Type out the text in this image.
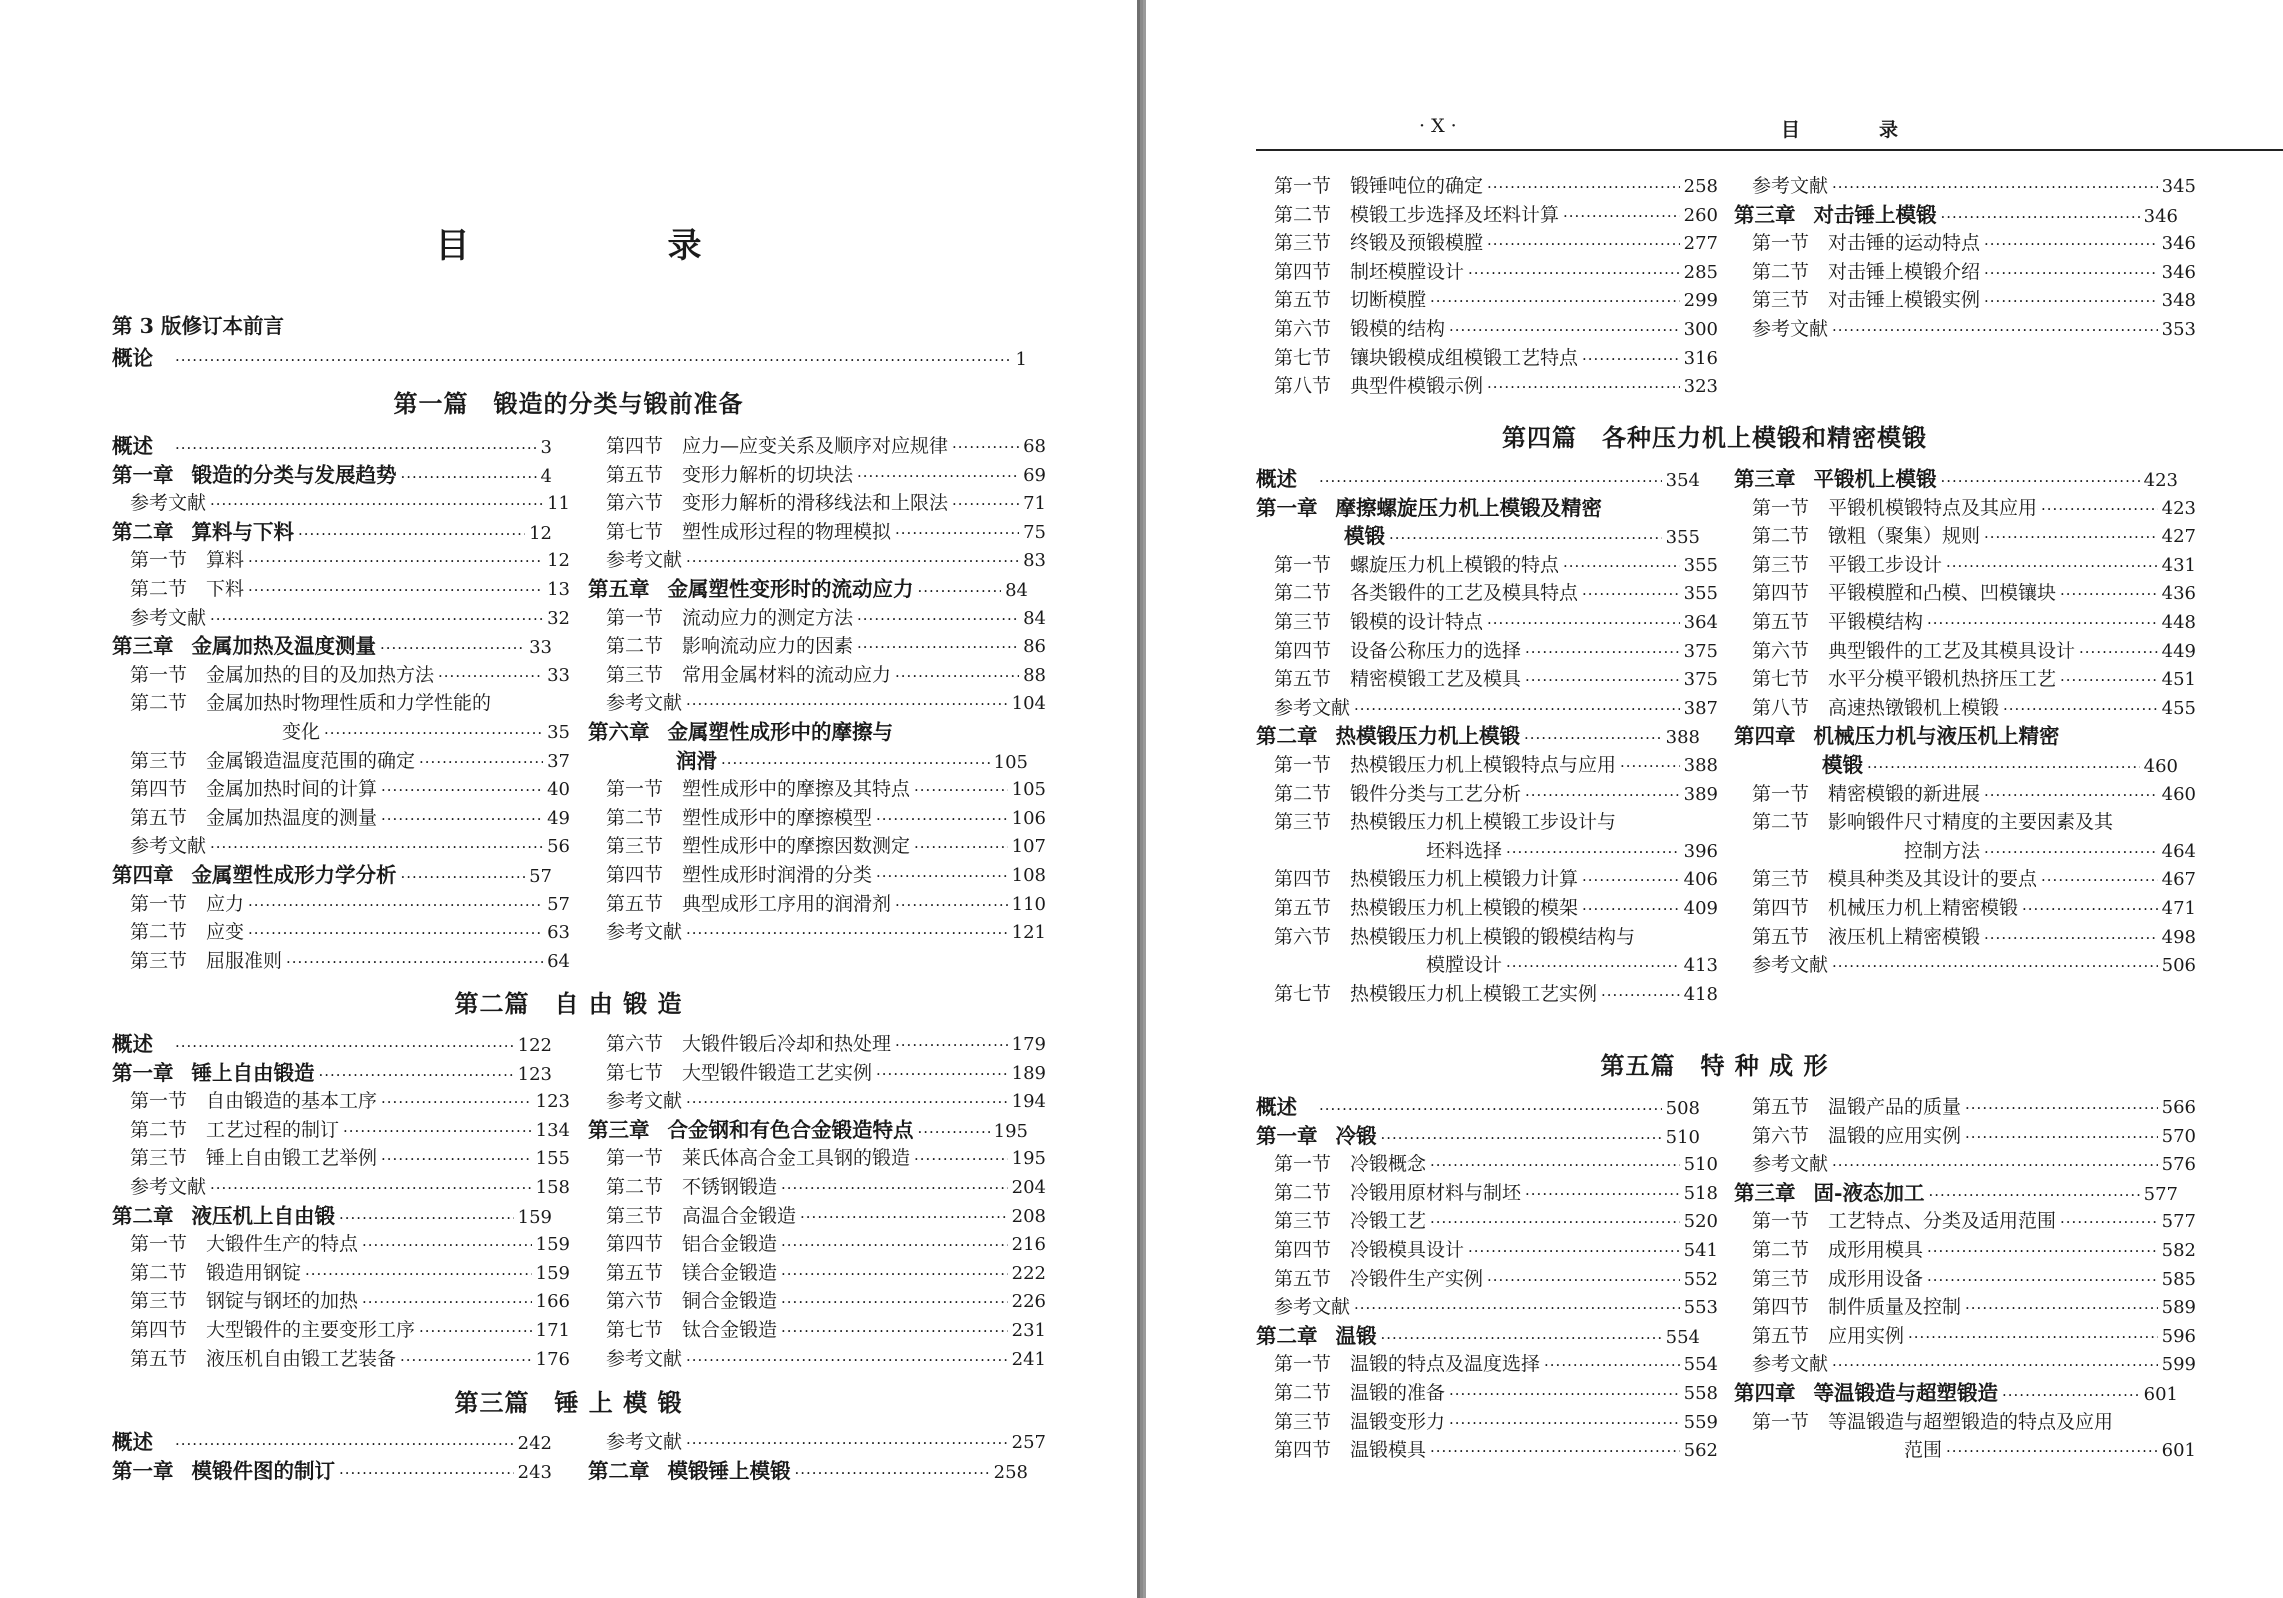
目　录
第 3 版修订本前言
概论 ·····	1
第一篇　锻造的分类与锻前准备
概述 ·····	3
第一章 锻造的分类与发展趋势 ·····	4
参考文献 ·····	11
第二章 算料与下料 ·····	12
第一节 算料 ·····	12
第二节 下料 ·····	13
参考文献 ·····	32
第三章 金属加热及温度测量 ·····	33
第一节 金属加热的目的及加热方法 ·····	33
第二节 金属加热时物理性质和力学性能的
变化 ·····	35
第三节 金属锻造温度范围的确定 ·····	37
第四节 金属加热时间的计算 ·····	40
第五节 金属加热温度的测量 ·····	49
参考文献 ·····	56
第四章 金属塑性成形力学分析 ·····	57
第一节 应力 ·····	57
第二节 应变 ·····	63
第三节 屈服准则 ·····	64
第四节 应力—应变关系及顺序对应规律 ·····	68
第五节 变形力解析的切块法 ·····	69
第六节 变形力解析的滑移线法和上限法 ·····	71
第七节 塑性成形过程的物理模拟 ·····	75
参考文献 ·····	83
第五章 金属塑性变形时的流动应力 ·····	84
第一节 流动应力的测定方法 ·····	84
第二节 影响流动应力的因素 ·····	86
第三节 常用金属材料的流动应力 ·····	88
参考文献 ·····	104
第六章 金属塑性成形中的摩擦与
润滑 ·····	105
第一节 塑性成形中的摩擦及其特点 ·····	105
第二节 塑性成形中的摩擦模型 ·····	106
第三节 塑性成形中的摩擦因数测定 ·····	107
第四节 塑性成形时润滑的分类 ·····	108
第五节 典型成形工序用的润滑剂 ·····	110
参考文献 ·····	121
第二篇　自 由 锻 造
概述 ·····	122
第一章 锤上自由锻造 ·····	123
第一节 自由锻造的基本工序 ·····	123
第二节 工艺过程的制订 ·····	134
第三节 锤上自由锻工艺举例 ·····	155
参考文献 ·····	158
第二章 液压机上自由锻 ·····	159
第一节 大锻件生产的特点 ·····	159
第二节 锻造用钢锭 ·····	159
第三节 钢锭与钢坯的加热 ·····	166
第四节 大型锻件的主要变形工序 ·····	171
第五节 液压机自由锻工艺装备 ·····	176
第六节 大锻件锻后冷却和热处理 ·····	179
第七节 大型锻件锻造工艺实例 ·····	189
参考文献 ·····	194
第三章 合金钢和有色合金锻造特点 ·····	195
第一节 莱氏体高合金工具钢的锻造 ·····	195
第二节 不锈钢锻造 ·····	204
第三节 高温合金锻造 ·····	208
第四节 铝合金锻造 ·····	216
第五节 镁合金锻造 ·····	222
第六节 铜合金锻造 ·····	226
第七节 钛合金锻造 ·····	231
参考文献 ·····	241
第三篇　锤 上 模 锻
概述 ·····	242
第一章 模锻件图的制订 ·····	243
参考文献 ·····	257
第二章 模锻锤上模锻 ·····	258
· X ·	目　录
第一节 锻锤吨位的确定 ·····	258
第二节 模锻工步选择及坯料计算 ·····	260
第三节 终锻及预锻模膛 ·····	277
第四节 制坯模膛设计 ·····	285
第五节 切断模膛 ·····	299
第六节 锻模的结构 ·····	300
第七节 镶块锻模成组模锻工艺特点 ·····	316
第八节 典型件模锻示例 ·····	323
参考文献 ·····	345
第三章 对击锤上模锻 ·····	346
第一节 对击锤的运动特点 ·····	346
第二节 对击锤上模锻介绍 ·····	346
第三节 对击锤上模锻实例 ·····	348
参考文献 ·····	353
第四篇　各种压力机上模锻和精密模锻
概述 ·····	354
第一章 摩擦螺旋压力机上模锻及精密
模锻 ·····	355
第一节 螺旋压力机上模锻的特点 ·····	355
第二节 各类锻件的工艺及模具特点 ·····	355
第三节 锻模的设计特点 ·····	364
第四节 设备公称压力的选择 ·····	375
第五节 精密模锻工艺及模具 ·····	375
参考文献 ·····	387
第二章 热模锻压力机上模锻 ·····	388
第一节 热模锻压力机上模锻特点与应用 ·····	388
第二节 锻件分类与工艺分析 ·····	389
第三节 热模锻压力机上模锻工步设计与
坯料选择 ·····	396
第四节 热模锻压力机上模锻力计算 ·····	406
第五节 热模锻压力机上模锻的模架 ·····	409
第六节 热模锻压力机上模锻的锻模结构与
模膛设计 ·····	413
第七节 热模锻压力机上模锻工艺实例 ·····	418
第三章 平锻机上模锻 ·····	423
第一节 平锻机模锻特点及其应用 ·····	423
第二节 镦粗（聚集）规则 ·····	427
第三节 平锻工步设计 ·····	431
第四节 平锻模膛和凸模、凹模镶块 ·····	436
第五节 平锻模结构 ·····	448
第六节 典型锻件的工艺及其模具设计 ·····	449
第七节 水平分模平锻机热挤压工艺 ·····	451
第八节 高速热镦锻机上模锻 ·····	455
第四章 机械压力机与液压机上精密
模锻 ·····	460
第一节 精密模锻的新进展 ·····	460
第二节 影响锻件尺寸精度的主要因素及其
控制方法 ·····	464
第三节 模具种类及其设计的要点 ·····	467
第四节 机械压力机上精密模锻 ·····	471
第五节 液压机上精密模锻 ·····	498
参考文献 ·····	506
第五篇　特 种 成 形
概述 ·····	508
第一章 冷锻 ·····	510
第一节 冷锻概念 ·····	510
第二节 冷锻用原材料与制坯 ·····	518
第三节 冷锻工艺 ·····	520
第四节 冷锻模具设计 ·····	541
第五节 冷锻件生产实例 ·····	552
参考文献 ·····	553
第二章 温锻 ·····	554
第一节 温锻的特点及温度选择 ·····	554
第二节 温锻的准备 ·····	558
第三节 温锻变形力 ·····	559
第四节 温锻模具 ·····	562
第五节 温锻产品的质量 ·····	566
第六节 温锻的应用实例 ·····	570
参考文献 ·····	576
第三章 固-液态加工 ·····	577
第一节 工艺特点、分类及适用范围 ·····	577
第二节 成形用模具 ·····	582
第三节 成形用设备 ·····	585
第四节 制件质量及控制 ·····	589
第五节 应用实例 ·····	596
参考文献 ·····	599
第四章 等温锻造与超塑锻造 ·····	601
第一节 等温锻造与超塑锻造的特点及应用
范围 ·····	601
